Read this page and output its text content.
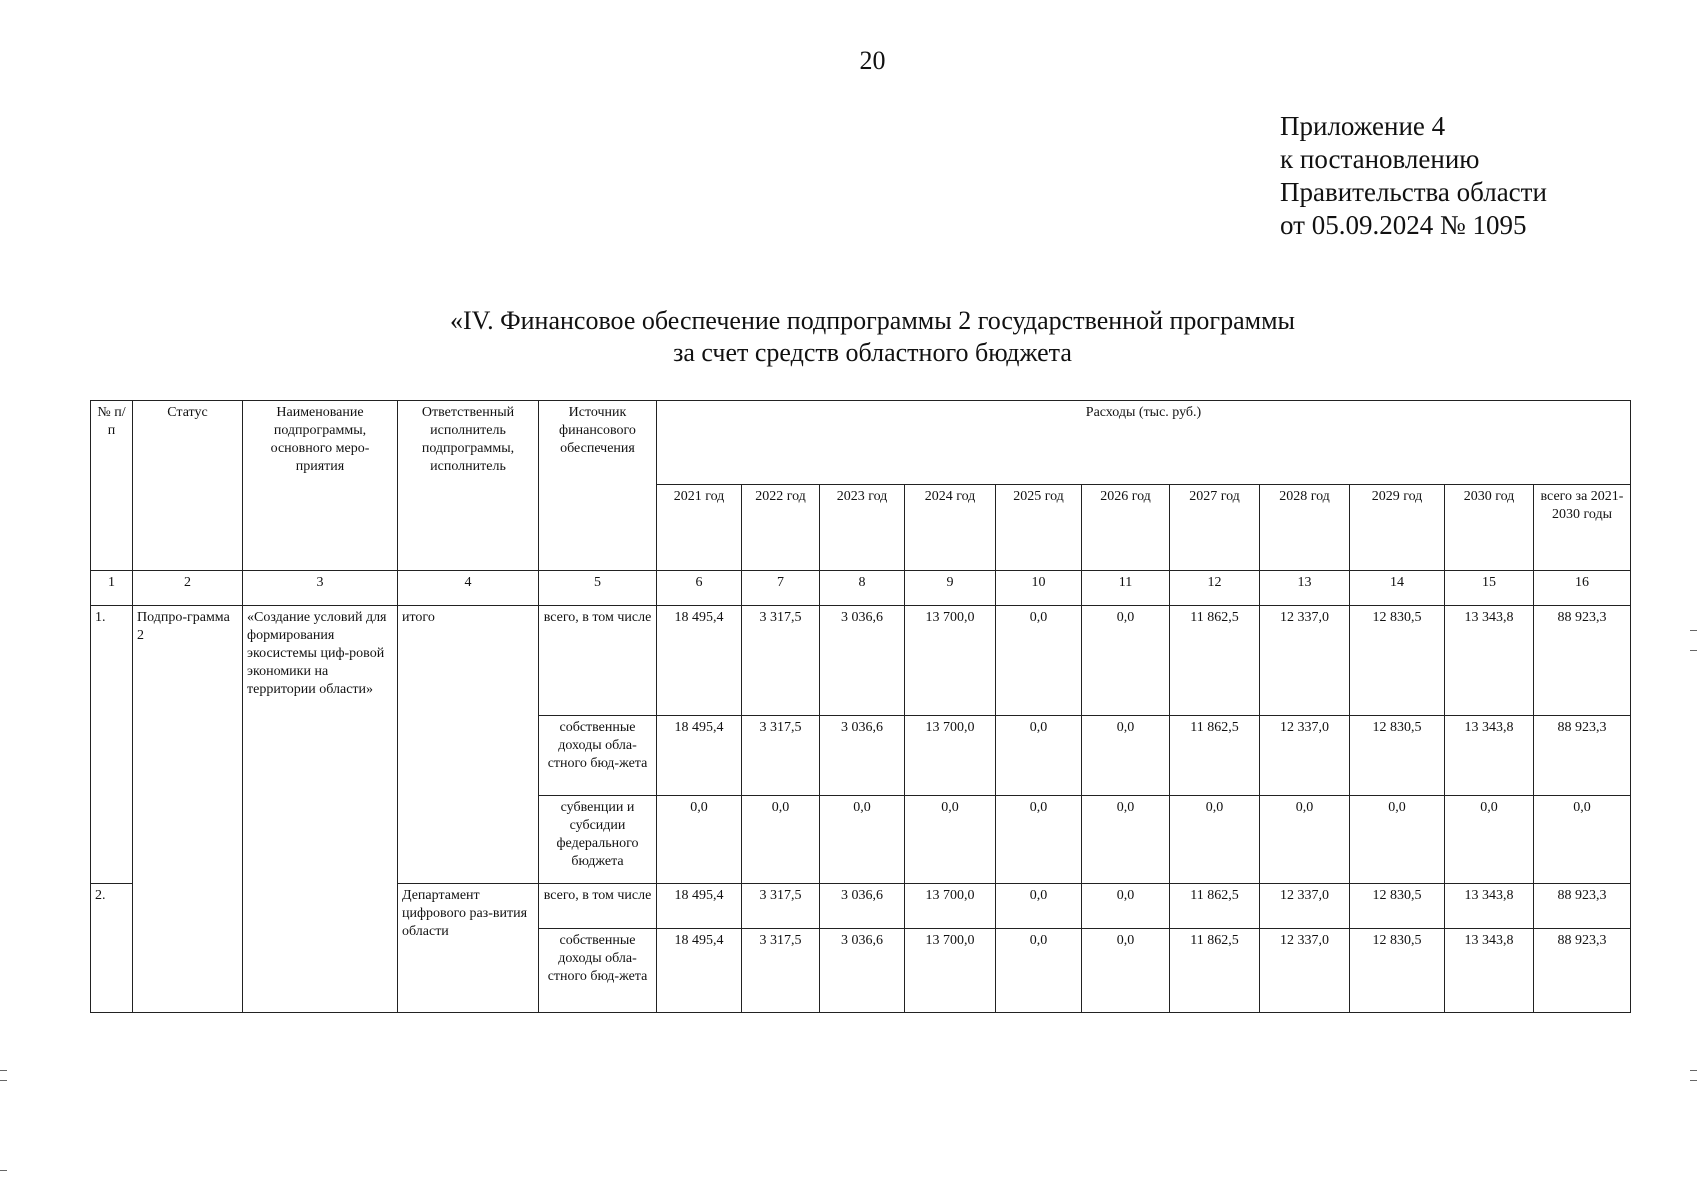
20
Приложение 4
к постановлению
Правительства области
от 05.09.2024 № 1095
«IV. Финансовое обеспечение подпрограммы 2 государственной программы
за счет средств областного бюджета
№ п/ п	Статус	Наименование подпрограммы, основного меро-приятия	Ответственный исполнитель подпрограммы, исполнитель	Источник финансового обеспечения	Расходы (тыс. руб.)										
					2021 год	2022 год	2023 год	2024 год	2025 год	2026 год	2027 год	2028 год	2029 год	2030 год	всего за 2021-2030 годы
1	2	3	4	5	6	7	8	9	10	11	12	13	14	15	16
1.	Подпро-грамма 2	«Создание условий для формирования экосистемы циф-ровой экономики на территории области»	итого	всего, в том числе	18 495,4	3 317,5	3 036,6	13 700,0	0,0	0,0	11 862,5	12 337,0	12 830,5	13 343,8	88 923,3
				собственные доходы обла-стного бюд-жета	18 495,4	3 317,5	3 036,6	13 700,0	0,0	0,0	11 862,5	12 337,0	12 830,5	13 343,8	88 923,3
				субвенции и субсидии федерального бюджета	0,0	0,0	0,0	0,0	0,0	0,0	0,0	0,0	0,0	0,0	0,0
2.			Департамент цифрового раз-вития области	всего, в том числе	18 495,4	3 317,5	3 036,6	13 700,0	0,0	0,0	11 862,5	12 337,0	12 830,5	13 343,8	88 923,3
				собственные доходы обла-стного бюд-жета	18 495,4	3 317,5	3 036,6	13 700,0	0,0	0,0	11 862,5	12 337,0	12 830,5	13 343,8	88 923,3
